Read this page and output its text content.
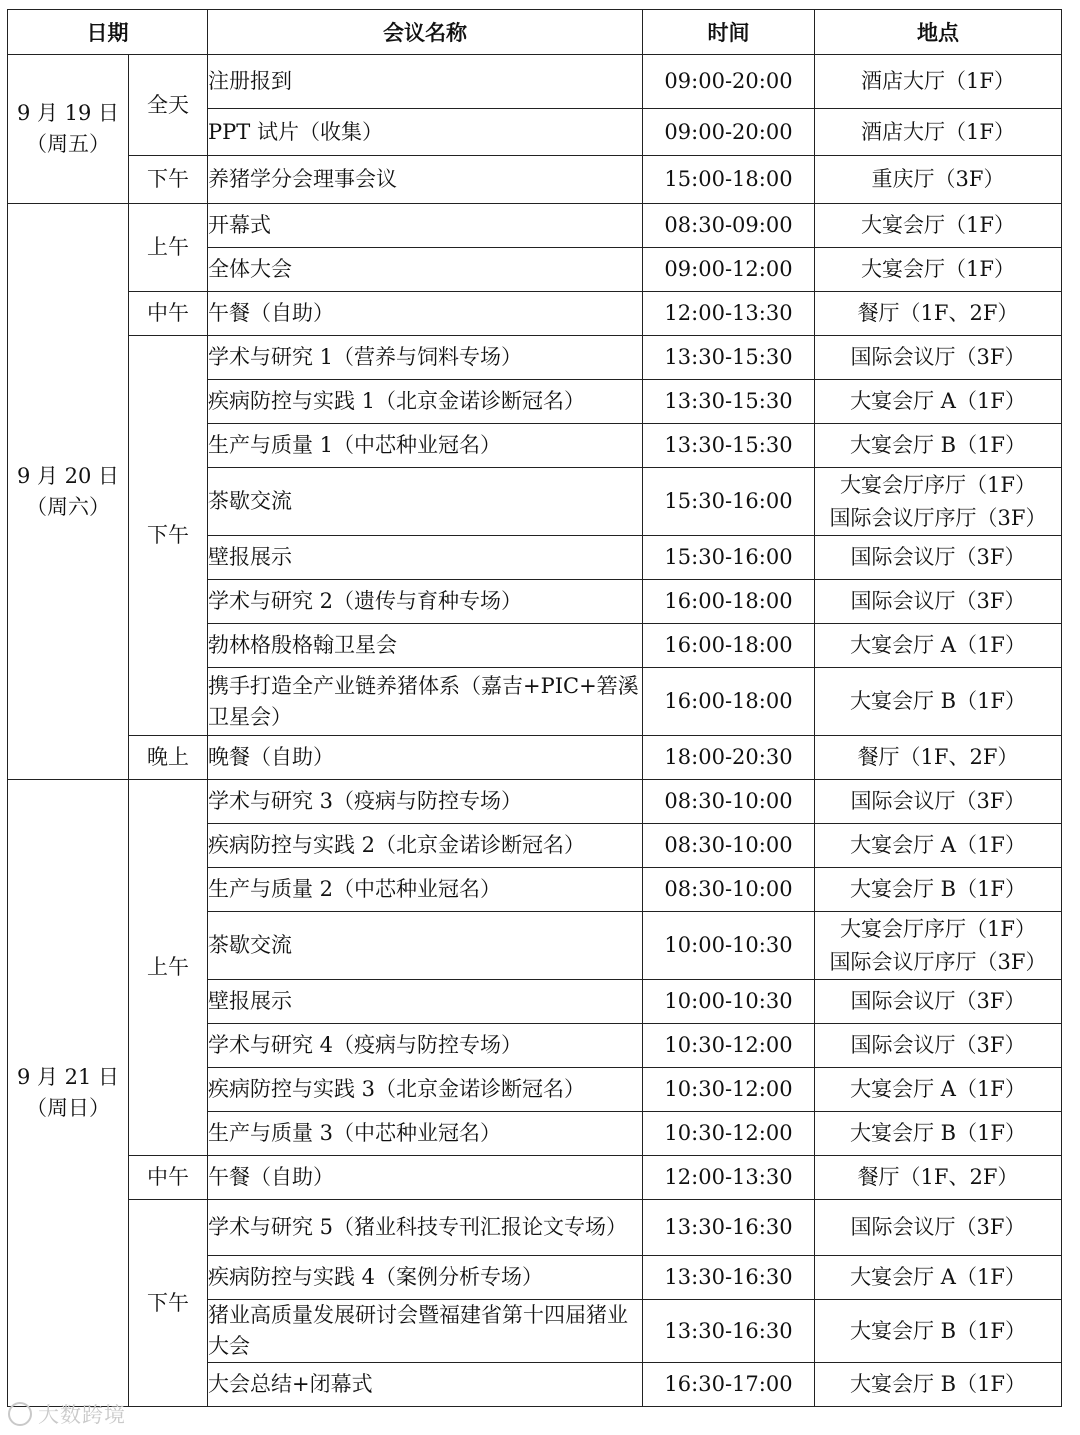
日期		会议名称	时间	地点

9 月 19 日
（周五）	全天	注册报到	09:00-20:00	酒店大厅（1F）

		PPT 试片（收集）	09:00-20:00	酒店大厅（1F）

	下午	养猪学分会理事会议	15:00-18:00	重庆厅（3F）

9 月 20 日
（周六）	上午	开幕式	08:30-09:00	大宴会厅（1F）

		全体大会	09:00-12:00	大宴会厅（1F）

	中午	午餐（自助）	12:00-13:30	餐厅（1F、2F）

	下午	学术与研究 1（营养与饲料专场）	13:30-15:30	国际会议厅（3F）

		疾病防控与实践 1（北京金诺诊断冠名）	13:30-15:30	大宴会厅 A（1F）

		生产与质量 1（中芯种业冠名）	13:30-15:30	大宴会厅 B（1F）

		茶歇交流	15:30-16:00	大宴会厅序厅（1F）
国际会议厅序厅（3F）

		壁报展示	15:30-16:00	国际会议厅（3F）

		学术与研究 2（遗传与育种专场）	16:00-18:00	国际会议厅（3F）

		勃林格殷格翰卫星会	16:00-18:00	大宴会厅 A（1F）

		携手打造全产业链养猪体系（嘉吉+PIC+箬溪卫星会）	16:00-18:00	大宴会厅 B（1F）

	晚上	晚餐（自助）	18:00-20:30	餐厅（1F、2F）

9 月 21 日
（周日）	上午	学术与研究 3（疫病与防控专场）	08:30-10:00	国际会议厅（3F）

		疾病防控与实践 2（北京金诺诊断冠名）	08:30-10:00	大宴会厅 A（1F）

		生产与质量 2（中芯种业冠名）	08:30-10:00	大宴会厅 B（1F）

		茶歇交流	10:00-10:30	大宴会厅序厅（1F）
国际会议厅序厅（3F）

		壁报展示	10:00-10:30	国际会议厅（3F）

		学术与研究 4（疫病与防控专场）	10:30-12:00	国际会议厅（3F）

		疾病防控与实践 3（北京金诺诊断冠名）	10:30-12:00	大宴会厅 A（1F）

		生产与质量 3（中芯种业冠名）	10:30-12:00	大宴会厅 B（1F）

	中午	午餐（自助）	12:00-13:30	餐厅（1F、2F）

	下午	学术与研究 5（猪业科技专刊汇报论文专场）	13:30-16:30	国际会议厅（3F）

		疾病防控与实践 4（案例分析专场）	13:30-16:30	大宴会厅 A（1F）

		猪业高质量发展研讨会暨福建省第十四届猪业大会	13:30-16:30	大宴会厅 B（1F）

		大会总结+闭幕式	16:30-17:00	大宴会厅 B（1F）
大数跨境
